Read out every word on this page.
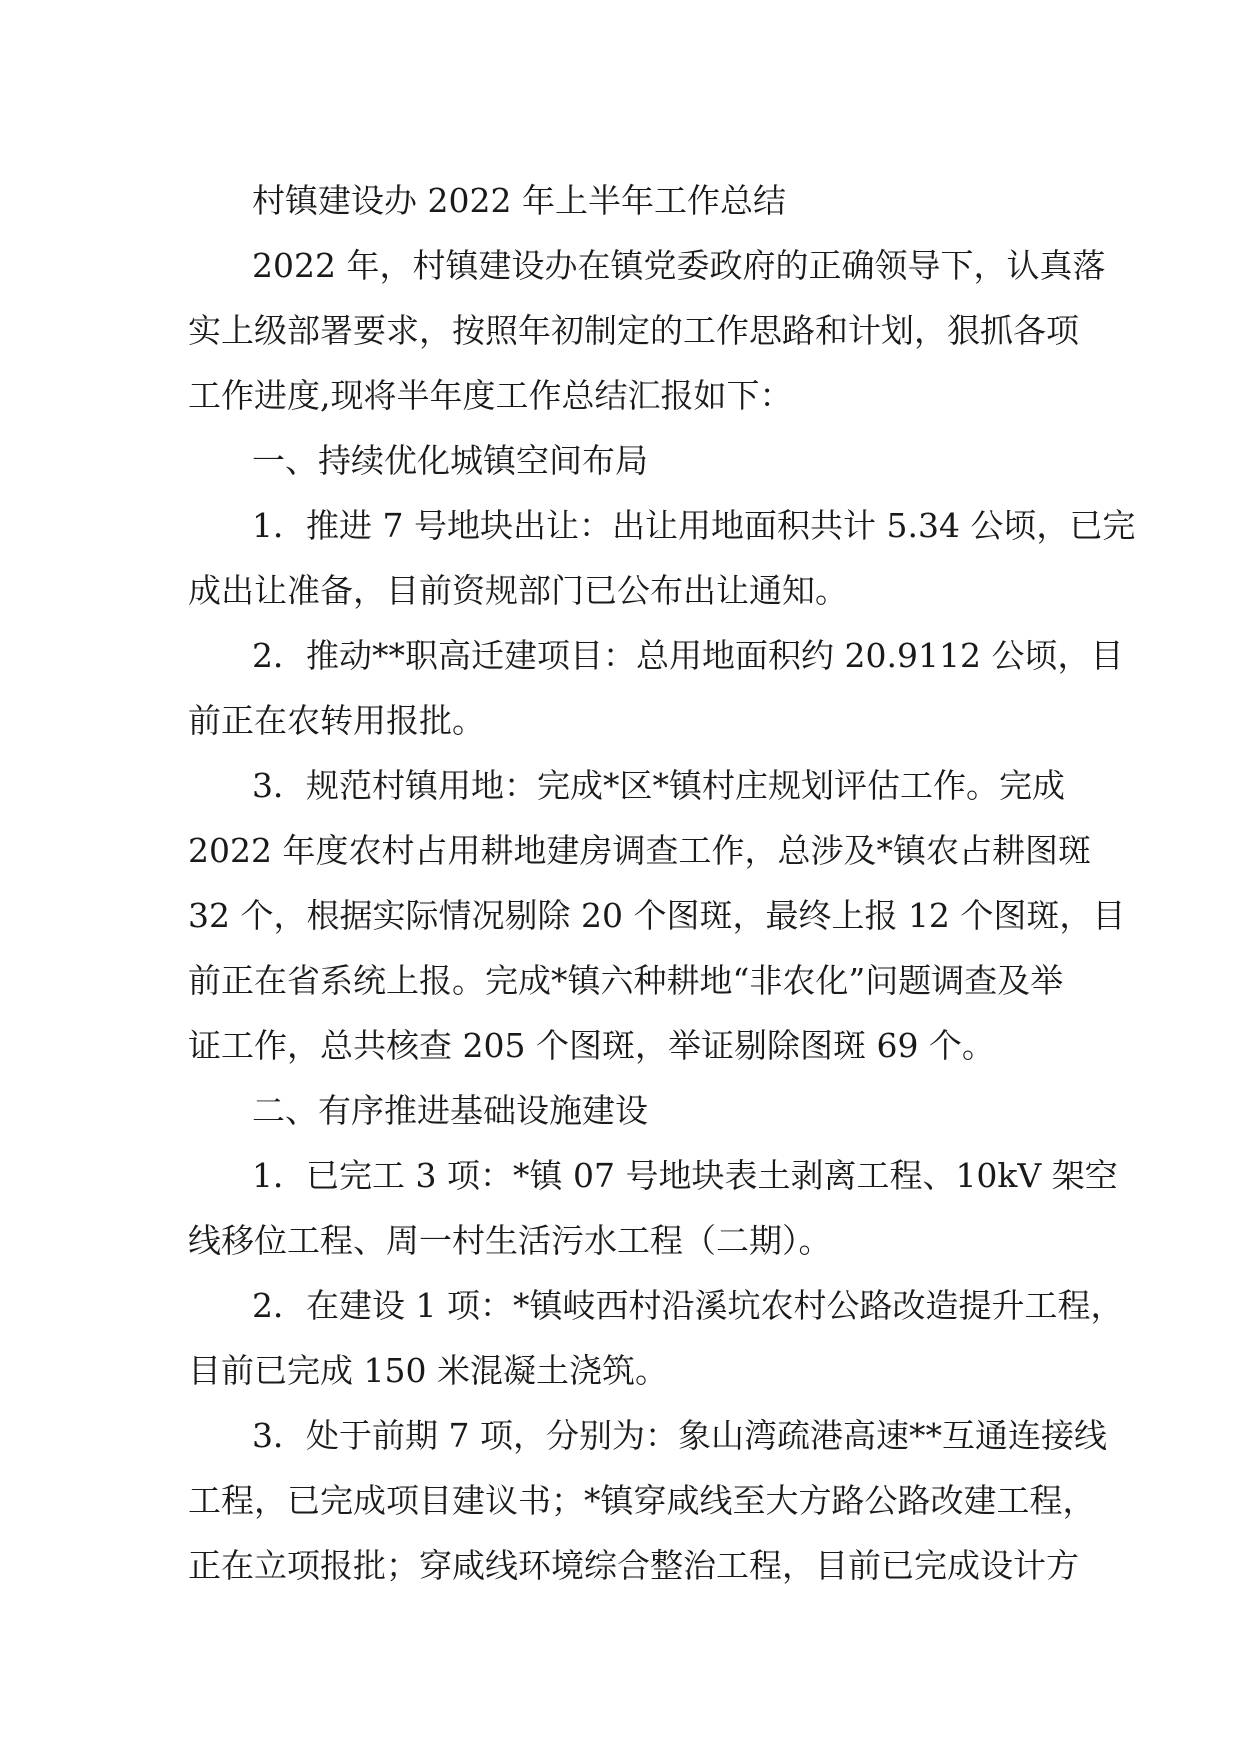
村镇建设办 2022 年上半年工作总结
2022 年，村镇建设办在镇党委政府的正确领导下，认真落
实上级部署要求，按照年初制定的工作思路和计划，狠抓各项
工作进度,现将半年度工作总结汇报如下：
一、持续优化城镇空间布局
1．推进 7 号地块出让：出让用地面积共计 5.34 公顷，已完
成出让准备，目前资规部门已公布出让通知。
2．推动**职高迁建项目：总用地面积约 20.9112 公顷，目
前正在农转用报批。
3．规范村镇用地：完成*区*镇村庄规划评估工作。完成
2022 年度农村占用耕地建房调查工作，总涉及*镇农占耕图斑
32 个，根据实际情况剔除 20 个图斑，最终上报 12 个图斑，目
前正在省系统上报。完成*镇六种耕地“非农化”问题调查及举
证工作，总共核查 205 个图斑，举证剔除图斑 69 个。
二、有序推进基础设施建设
1．已完工 3 项：*镇 07 号地块表土剥离工程、10kV 架空
线移位工程、周一村生活污水工程（二期）。
2．在建设 1 项：*镇岐西村沿溪坑农村公路改造提升工程，
目前已完成 150 米混凝土浇筑。
3．处于前期 7 项，分别为：象山湾疏港高速**互通连接线
工程，已完成项目建议书；*镇穿咸线至大方路公路改建工程，
正在立项报批；穿咸线环境综合整治工程，目前已完成设计方
